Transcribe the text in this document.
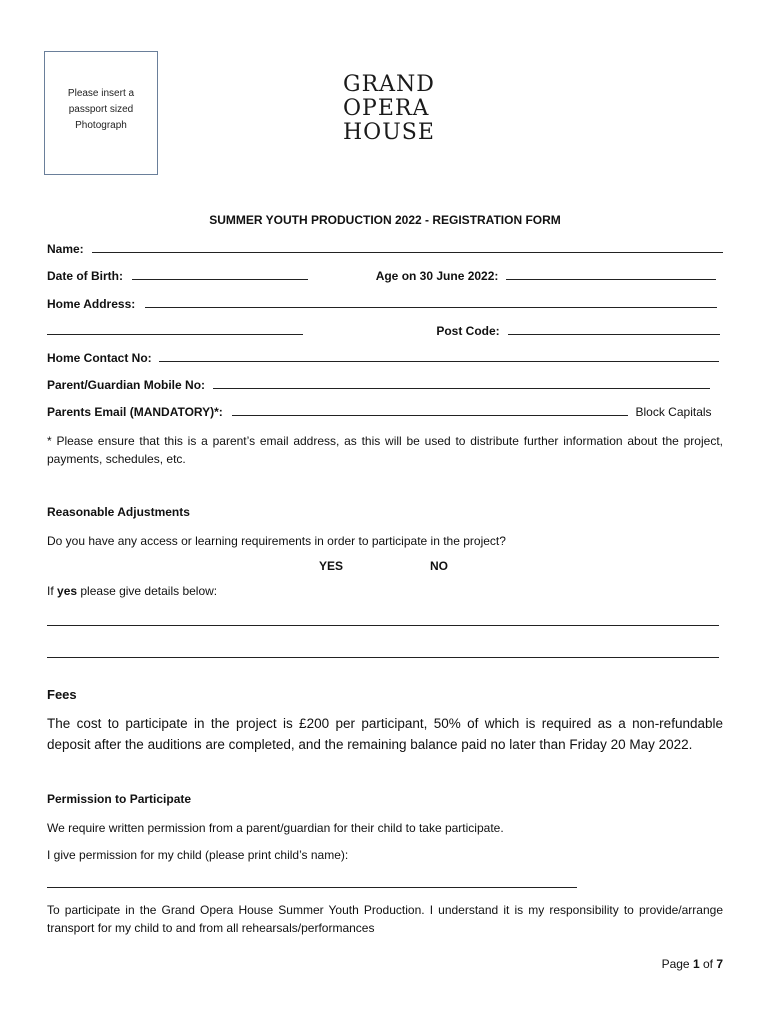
Please insert a passport sized Photograph
GRAND
OPERA
HOUSE
SUMMER YOUTH PRODUCTION 2022 - REGISTRATION FORM
Name:
Date of Birth:	Age on 30 June 2022:
Home Address:
Post Code:
Home Contact No:
Parent/Guardian Mobile No:
Parents Email (MANDATORY)*:	Block Capitals
* Please ensure that this is a parent’s email address, as this will be used to distribute further information about the project, payments, schedules, etc.
Reasonable Adjustments
Do you have any access or learning requirements in order to participate in the project?
YES	NO
If yes please give details below:
Fees
The cost to participate in the project is £200 per participant, 50% of which is required as a non-refundable deposit after the auditions are completed, and the remaining balance paid no later than Friday 20 May 2022.
Permission to Participate
We require written permission from a parent/guardian for their child to take participate.
I give permission for my child (please print child’s name):
To participate in the Grand Opera House Summer Youth Production. I understand it is my responsibility to provide/arrange transport for my child to and from all rehearsals/performances
Page 1 of 7
